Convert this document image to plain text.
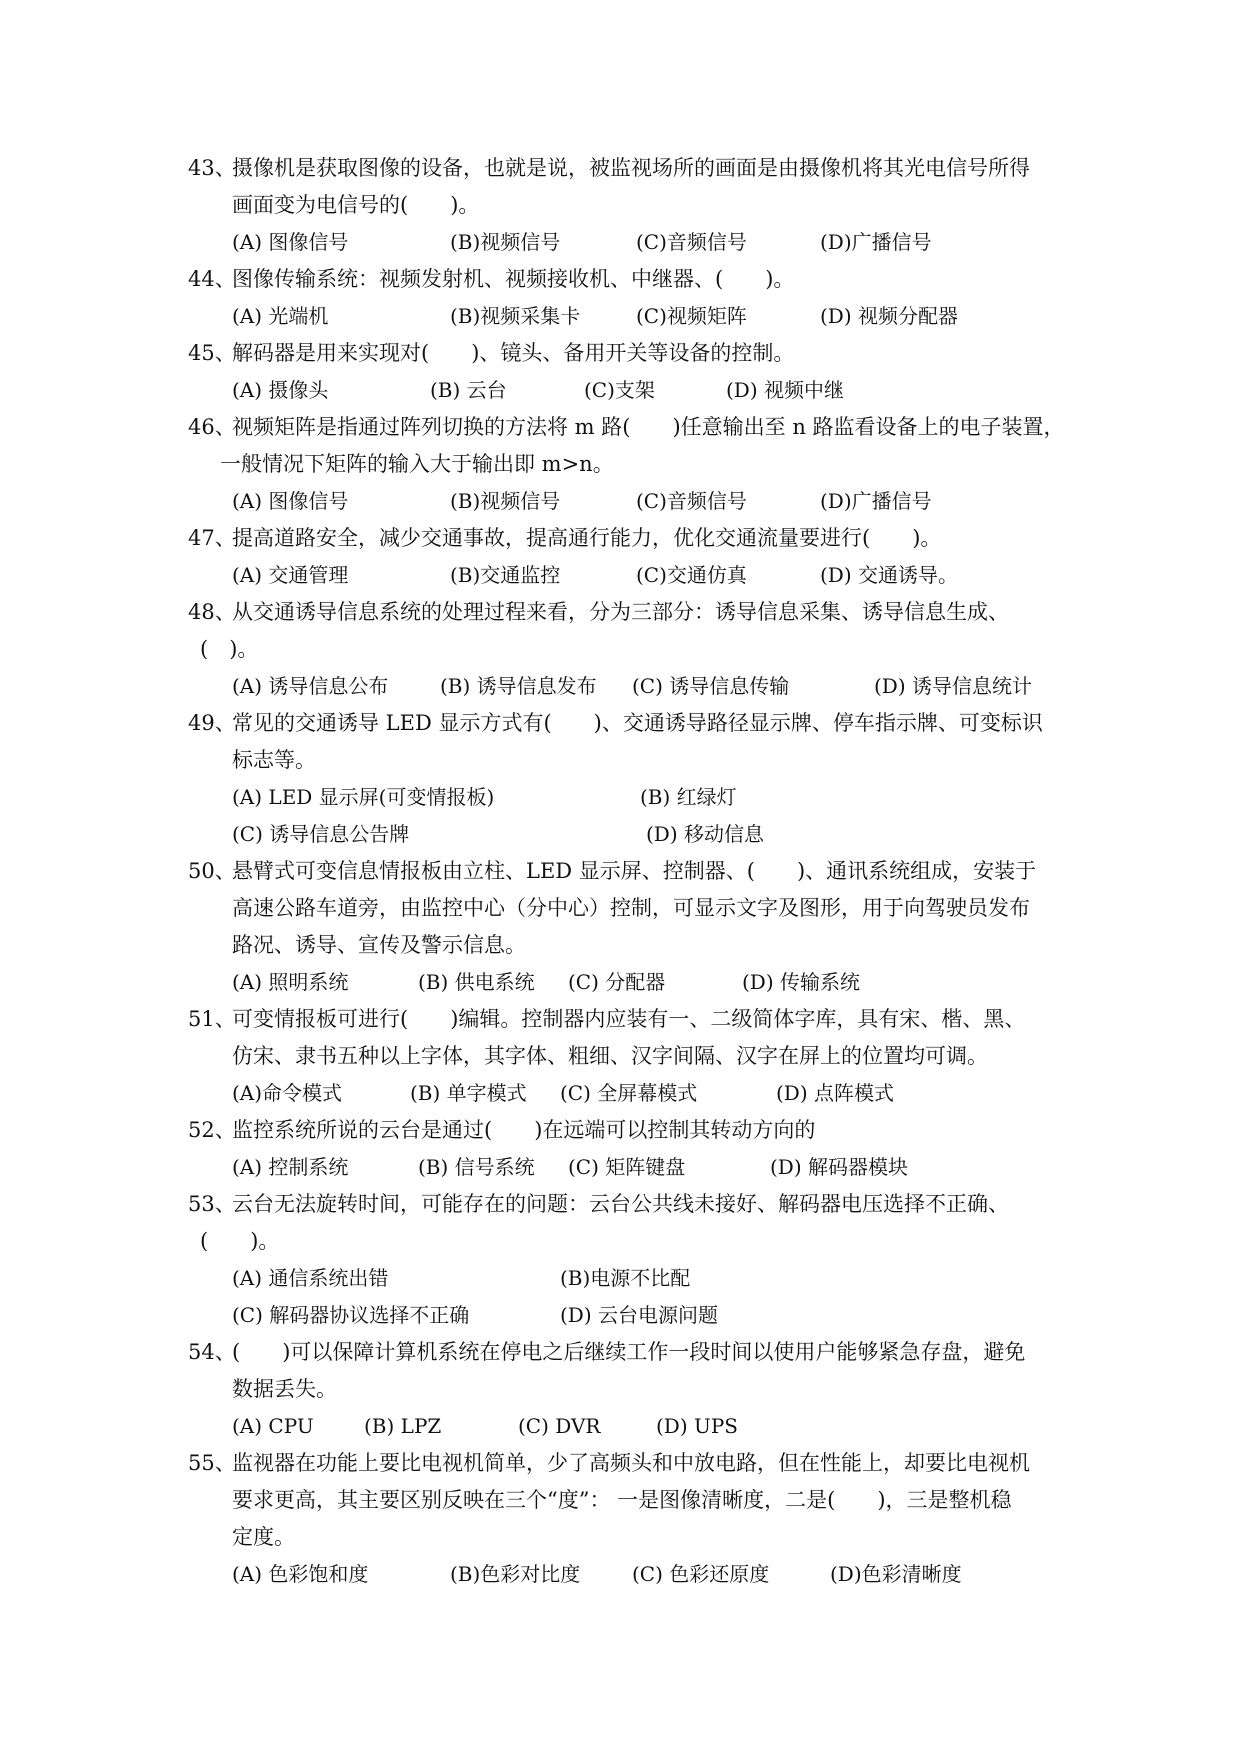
43、
摄像机是获取图像的设备，也就是说，被监视场所的画面是由摄像机将其光电信号所得
画面变为电信号的(　　)。
(A) 图像信号	(B)视频信号	(C)音频信号	(D)广播信号
44、
图像传输系统：视频发射机、视频接收机、中继器、(　　)。
(A) 光端机	(B)视频采集卡	(C)视频矩阵	(D) 视频分配器
45、
解码器是用来实现对(　　)、镜头、备用开关等设备的控制。
(A) 摄像头	(B) 云台	(C)支架	(D) 视频中继
46、
视频矩阵是指通过阵列切换的方法将 m 路(　　)任意输出至 n 路监看设备上的电子装置，
一般情况下矩阵的输入大于输出即 m>n。
(A) 图像信号	(B)视频信号	(C)音频信号	(D)广播信号
47、
提高道路安全，减少交通事故，提高通行能力，优化交通流量要进行(　　)。
(A) 交通管理	(B)交通监控	(C)交通仿真	(D) 交通诱导。
48、
从交通诱导信息系统的处理过程来看，分为三部分：诱导信息采集、诱导信息生成、
(　)。
(A) 诱导信息公布	(B) 诱导信息发布 (C) 诱导信息传输	(D) 诱导信息统计
49、
常见的交通诱导 LED 显示方式有(　　)、交通诱导路径显示牌、停车指示牌、可变标识
标志等。
(A) LED 显示屏(可变情报板)	(B) 红绿灯
(C) 诱导信息公告牌	(D) 移动信息
50、
悬臂式可变信息情报板由立柱、LED 显示屏、控制器、(　　)、通讯系统组成，安装于
高速公路车道旁，由监控中心（分中心）控制，可显示文字及图形，用于向驾驶员发布
路况、诱导、宣传及警示信息。
(A) 照明系统	(B) 供电系统 (C) 分配器	(D) 传输系统
51、
可变情报板可进行(　　)编辑。控制器内应装有一、二级简体字库，具有宋、楷、黑、
仿宋、隶书五种以上字体，其字体、粗细、汉字间隔、汉字在屏上的位置均可调。
(A)命令模式	(B) 单字模式 (C) 全屏幕模式	(D) 点阵模式
52、
监控系统所说的云台是通过(　　)在远端可以控制其转动方向的
(A) 控制系统	(B) 信号系统 (C) 矩阵键盘	(D) 解码器模块
53、
云台无法旋转时间，可能存在的问题：云台公共线未接好、解码器电压选择不正确、
(　　)。
(A) 通信系统出错	(B)电源不比配
(C) 解码器协议选择不正确	(D) 云台电源问题
54、
(　　)可以保障计算机系统在停电之后继续工作一段时间以使用户能够紧急存盘，避免
数据丢失。
(A) CPU	(B) LPZ	(C) DVR	(D) UPS
55、
监视器在功能上要比电视机简单，少了高频头和中放电路，但在性能上，却要比电视机
要求更高，其主要区别反映在三个“度”： 一是图像清晰度，二是(　　)，三是整机稳
定度。
(A) 色彩饱和度	(B)色彩对比度	(C) 色彩还原度	(D)色彩清晰度
